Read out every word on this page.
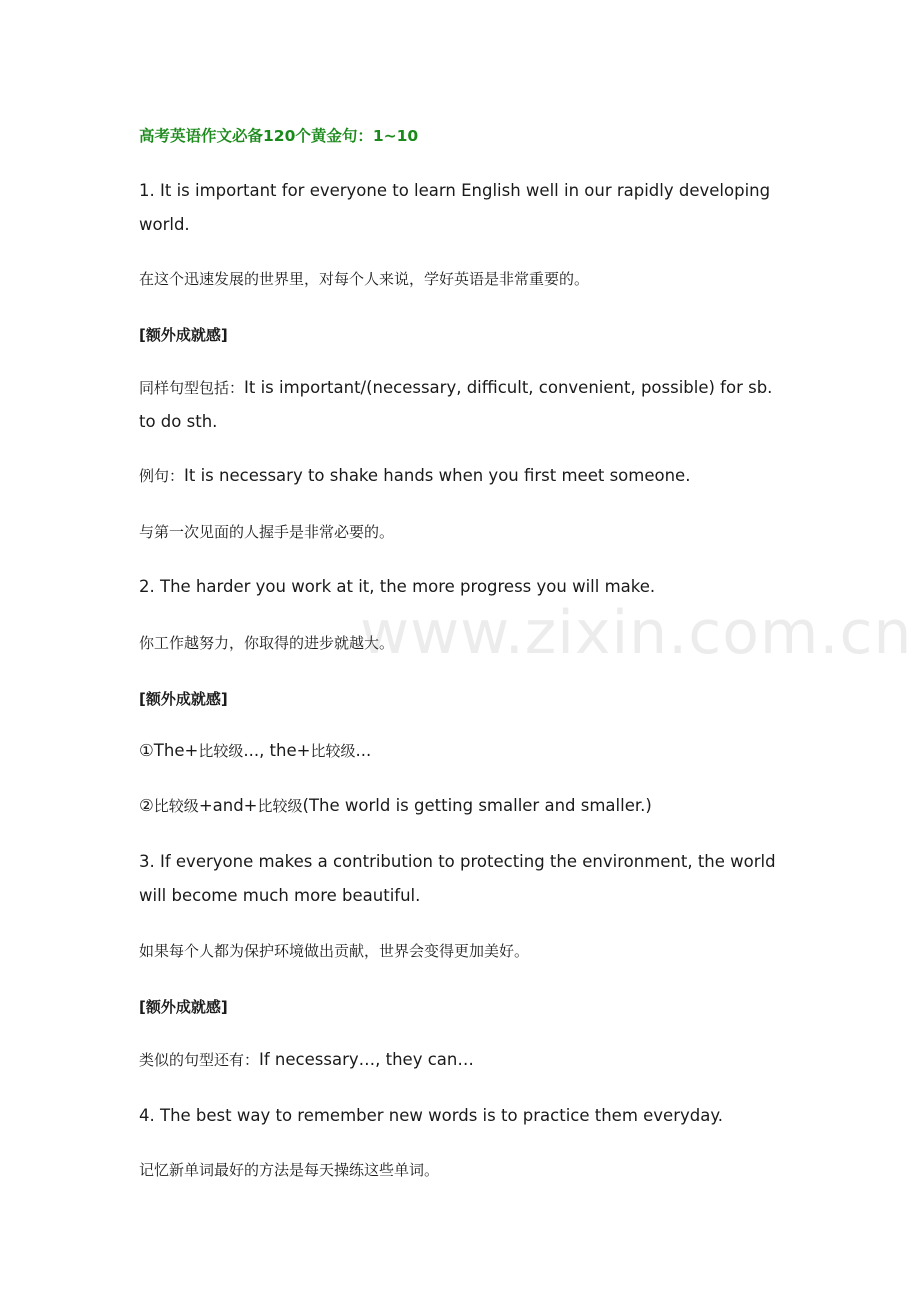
高考英语作文必备120个黄金句：1~10

1. It is important for everyone to learn English well in our rapidly developing world.

在这个迅速发展的世界里，对每个人来说，学好英语是非常重要的。

[额外成就感]

同样句型包括：It is important/(necessary, difficult, convenient, possible) for sb. to do sth.

例句：It is necessary to shake hands when you first meet someone.

与第一次见面的人握手是非常必要的。

2. The harder you work at it, the more progress you will make.

你工作越努力，你取得的进步就越大。

[额外成就感]

①The+比较级..., the+比较级...

②比较级+and+比较级(The world is getting smaller and smaller.)

3. If everyone makes a contribution to protecting the environment, the world will become much more beautiful.

如果每个人都为保护环境做出贡献，世界会变得更加美好。

[额外成就感]

类似的句型还有：If necessary…, they can…

4. The best way to remember new words is to practice them everyday.

记忆新单词最好的方法是每天操练这些单词。

www.zixin.com.cn
